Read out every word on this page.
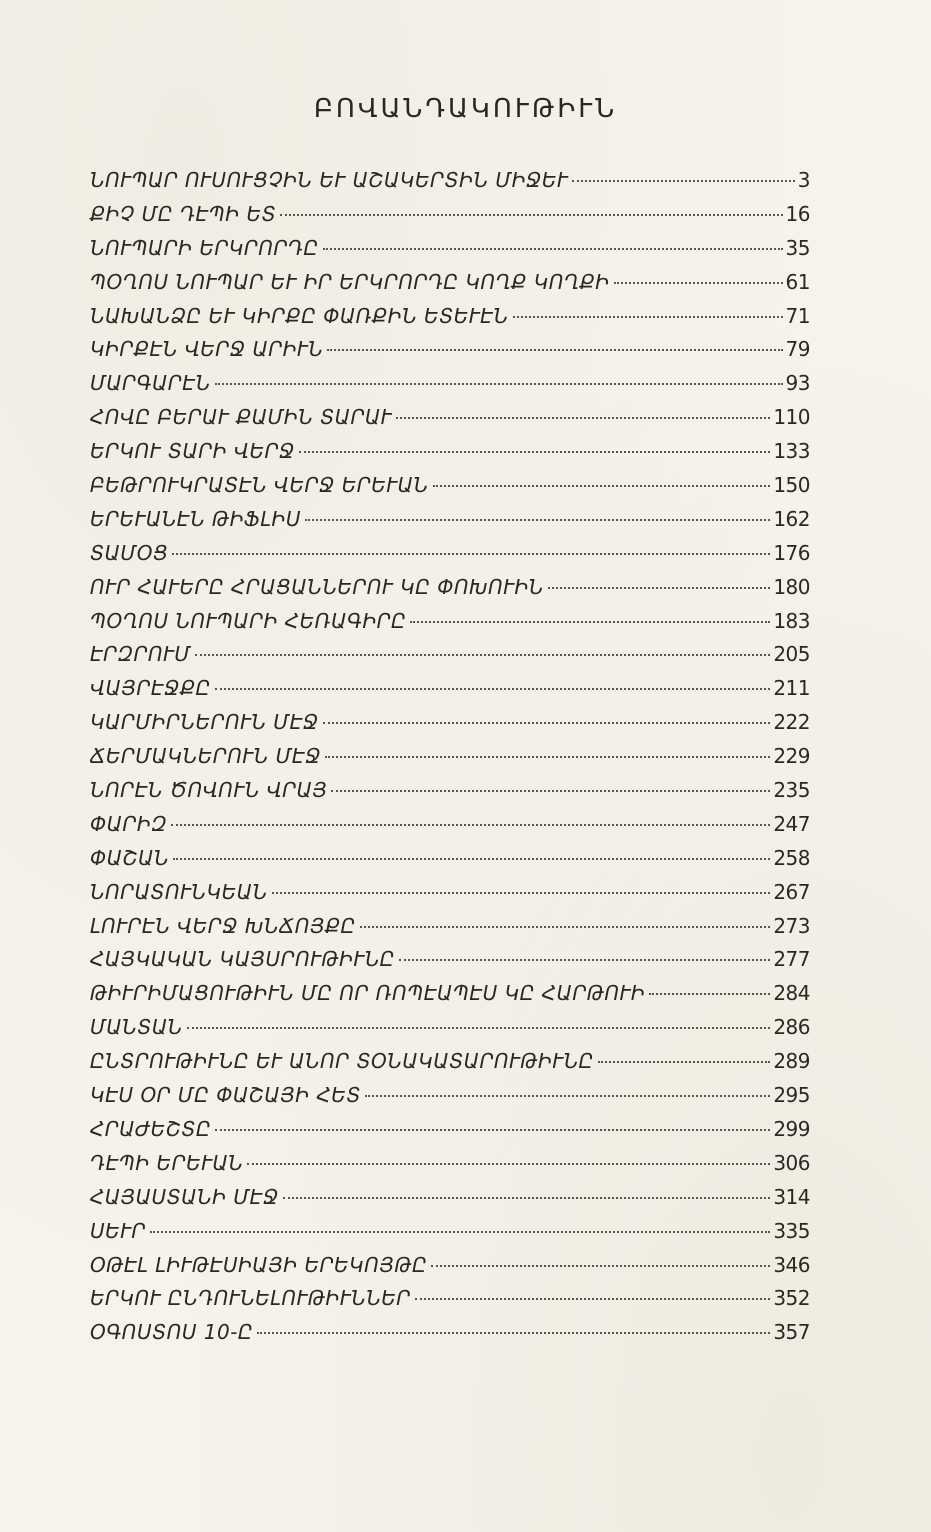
ԲՈՎԱՆԴԱԿՈՒԹԻՒՆ
ՆՈՒՊԱՐ ՈՒՍՈՒՑՉԻՆ ԵՒ ԱՇԱԿԵՐՏԻՆ ՄԻՋԵՒ	3
ՔԻՉ ՄԸ ԴԷՊԻ ԵՏ	16
ՆՈՒՊԱՐԻ ԵՐԿՐՈՐԴԸ	35
ՊՕՂՈՍ ՆՈՒՊԱՐ ԵՒ ԻՐ ԵՐԿՐՈՐԴԸ ԿՈՂՔ ԿՈՂՔԻ	61
ՆԱԽԱՆՁԸ ԵՒ ԿԻՐՔԸ ՓԱՌՔԻՆ ԵՏԵՒԷՆ	71
ԿԻՐՔԷՆ ՎԵՐՋ ԱՐԻՒՆ	79
ՄԱՐԳԱՐԷՆ	93
ՀՈՎԸ ԲԵՐԱՒ ՔԱՄԻՆ ՏԱՐԱՒ	110
ԵՐԿՈՒ ՏԱՐԻ ՎԵՐՋ	133
ԲԵԹՐՈՒԿՐԱՏԷՆ ՎԵՐՋ ԵՐԵՒԱՆ	150
ԵՐԵՒԱՆԷՆ ԹԻՖԼԻՍ	162
ՏԱՄՕՑ	176
ՈՒՐ ՀԱՒԵՐԸ ՀՐԱՑԱՆՆԵՐՈՒ ԿԸ ՓՈԽՈՒԻՆ	180
ՊՕՂՈՍ ՆՈՒՊԱՐԻ ՀԵՌԱԳԻՐԸ	183
ԷՐԶՐՈՒՄ	205
ՎԱՅՐԷՋՔԸ	211
ԿԱՐՄԻՐՆԵՐՈՒՆ ՄԷՋ	222
ՃԵՐՄԱԿՆԵՐՈՒՆ ՄԷՋ	229
ՆՈՐԷՆ ԾՈՎՈՒՆ ՎՐԱՅ	235
ՓԱՐԻԶ	247
ՓԱՇԱՆ	258
ՆՈՐԱՏՈՒՆԿԵԱՆ	267
ԼՈՒՐԷՆ ՎԵՐՋ ԽՆՃՈՅՔԸ	273
ՀԱՅԿԱԿԱՆ ԿԱՅՍՐՈՒԹԻՒՆԸ	277
ԹԻՒՐԻՄԱՑՈՒԹԻՒՆ ՄԸ ՈՐ ՌՈՊԷԱՊԷՍ ԿԸ ՀԱՐԹՈՒԻ	284
ՄԱՆՏԱՆ	286
ԸՆՏՐՈՒԹԻՒՆԸ ԵՒ ԱՆՈՐ ՏՕՆԱԿԱՏԱՐՈՒԹԻՒՆԸ	289
ԿԷՍ ՕՐ ՄԸ ՓԱՇԱՅԻ ՀԵՏ	295
ՀՐԱԺԵՇՏԸ	299
ԴԷՊԻ ԵՐԵՒԱՆ	306
ՀԱՅԱՍՏԱՆԻ ՄԷՋ	314
ՍԵՒՐ	335
ՕԹԷԼ ԼԻՒԹԷՍԻԱՅԻ ԵՐԵԿՈՅԹԸ	346
ԵՐԿՈՒ ԸՆԴՈՒՆԵԼՈՒԹԻՒՆՆԵՐ	352
ՕԳՈՍՏՈՍ 10-Ը	357
